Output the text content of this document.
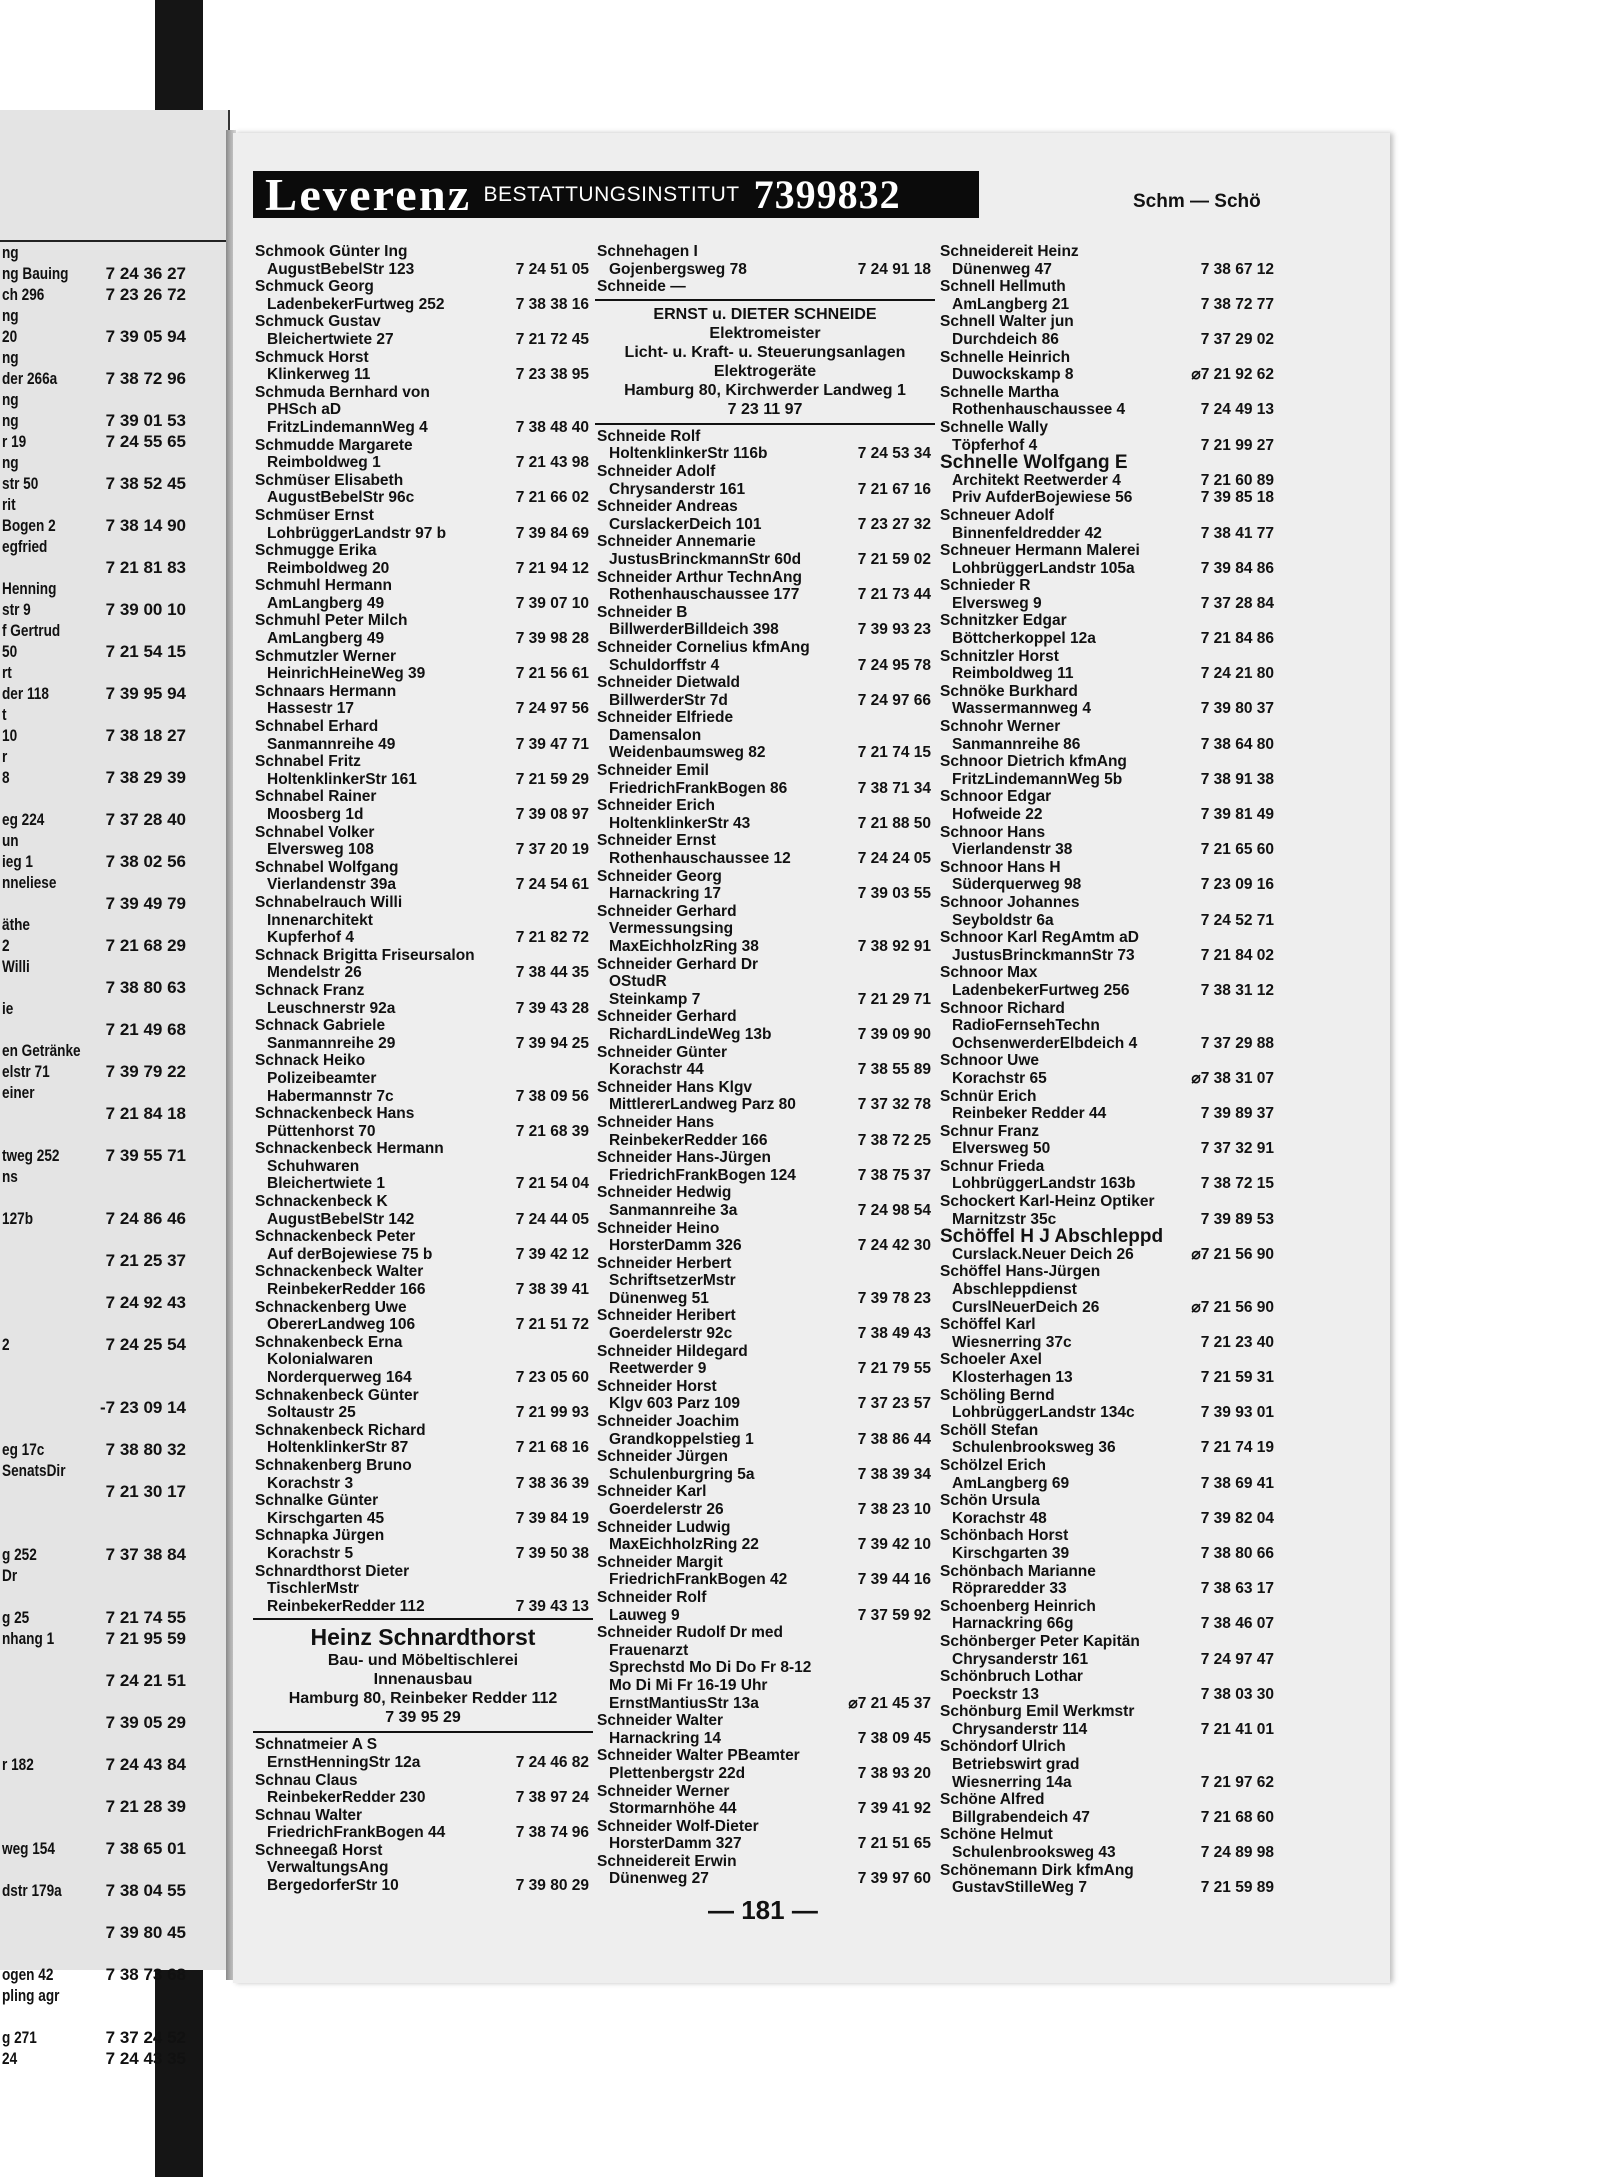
ng
ng Bauing 7 24 36 27
ch 296	7 23 26 72
ng
20	7 39 05 94
ng
der 266a	7 38 72 96
ng
ng	7 39 01 53
r 19	7 24 55 65
ng
str 50	7 38 52 45
rit
Bogen 2	7 38 14 90
egfried
7 21 81 83
Henning
str 9	7 39 00 10
f Gertrud
50	7 21 54 15
rt
der 118	7 39 95 94
t
10	7 38 18 27
r
8	7 38 29 39
eg 224	7 37 28 40
un
ieg 1	7 38 02 56
nneliese
7 39 49 79
äthe
2	7 21 68 29
Willi
7 38 80 63
ie
7 21 49 68
en Getränke
elstr 71	7 39 79 22
einer
7 21 84 18
tweg 252	7 39 55 71
ns
127b	7 24 86 46
7 21 25 37
7 24 92 43
2	7 24 25 54
-7 23 09 14
eg 17c	7 38 80 32
SenatsDir
7 21 30 17
g 252	7 37 38 84
Dr
g 25	7 21 74 55
nhang 1	7 21 95 59
7 24 21 51
7 39 05 29
r 182	7 24 43 84
7 21 28 39
weg 154	7 38 65 01
dstr 179a	7 38 04 55
7 39 80 45
ogen 42	7 38 73 68
pling agr
g 271	7 37 24 52
24	7 24 43 35
Leverenz BESTATTUNGSINSTITUT 7399832	Schm — Schö
Schmook Günter Ing
AugustBebelStr 123	7 24 51 05
Schmuck Georg
LadenbekerFurtweg 252	7 38 38 16
Schmuck Gustav
Bleichertwiete 27	7 21 72 45
Schmuck Horst
Klinkerweg 11	7 23 38 95
Schmuda Bernhard von
PHSch aD
FritzLindemannWeg 4	7 38 48 40
Schmudde Margarete
Reimboldweg 1	7 21 43 98
Schmüser Elisabeth
AugustBebelStr 96c	7 21 66 02
Schmüser Ernst
LohbrüggerLandstr 97 b	7 39 84 69
Schmugge Erika
Reimboldweg 20	7 21 94 12
Schmuhl Hermann
AmLangberg 49	7 39 07 10
Schmuhl Peter Milch
AmLangberg 49	7 39 98 28
Schmutzler Werner
HeinrichHeineWeg 39	7 21 56 61
Schnaars Hermann
Hassestr 17	7 24 97 56
Schnabel Erhard
Sanmannreihe 49	7 39 47 71
Schnabel Fritz
HoltenklinkerStr 161	7 21 59 29
Schnabel Rainer
Moosberg 1d	7 39 08 97
Schnabel Volker
Elversweg 108	7 37 20 19
Schnabel Wolfgang
Vierlandenstr 39a	7 24 54 61
Schnabelrauch Willi
Innenarchitekt
Kupferhof 4	7 21 82 72
Schnack Brigitta Friseursalon
Mendelstr 26	7 38 44 35
Schnack Franz
Leuschnerstr 92a	7 39 43 28
Schnack Gabriele
Sanmannreihe 29	7 39 94 25
Schnack Heiko
Polizeibeamter
Habermannstr 7c	7 38 09 56
Schnackenbeck Hans
Püttenhorst 70	7 21 68 39
Schnackenbeck Hermann
Schuhwaren
Bleichertwiete 1	7 21 54 04
Schnackenbeck K
AugustBebelStr 142	7 24 44 05
Schnackenbeck Peter
Auf derBojewiese 75 b	7 39 42 12
Schnackenbeck Walter
ReinbekerRedder 166	7 38 39 41
Schnackenberg Uwe
ObererLandweg 106	7 21 51 72
Schnakenbeck Erna
Kolonialwaren
Norderquerweg 164	7 23 05 60
Schnakenbeck Günter
Soltaustr 25	7 21 99 93
Schnakenbeck Richard
HoltenklinkerStr 87	7 21 68 16
Schnakenberg Bruno
Korachstr 3	7 38 36 39
Schnalke Günter
Kirschgarten 45	7 39 84 19
Schnapka Jürgen
Korachstr 5	7 39 50 38
Schnardthorst Dieter
TischlerMstr
ReinbekerRedder 112	7 39 43 13
Heinz Schnardthorst
Bau- und Möbeltischlerei
Innenausbau
Hamburg 80, Reinbeker Redder 112
7 39 95 29
Schnatmeier A S
ErnstHenningStr 12a	7 24 46 82
Schnau Claus
ReinbekerRedder 230	7 38 97 24
Schnau Walter
FriedrichFrankBogen 44	7 38 74 96
Schneegaß Horst
VerwaltungsAng
BergedorferStr 10	7 39 80 29
Schnehagen I
Gojenbergsweg 78	7 24 91 18
Schneide —
ERNST u. DIETER SCHNEIDE
Elektromeister
Licht- u. Kraft- u. Steuerungsanlagen
Elektrogeräte
Hamburg 80, Kirchwerder Landweg 1
7 23 11 97
Schneide Rolf
HoltenklinkerStr 116b	7 24 53 34
Schneider Adolf
Chrysanderstr 161	7 21 67 16
Schneider Andreas
CurslackerDeich 101	7 23 27 32
Schneider Annemarie
JustusBrinckmannStr 60d	7 21 59 02
Schneider Arthur TechnAng
Rothenhauschaussee 177	7 21 73 44
Schneider B
BillwerderBilldeich 398	7 39 93 23
Schneider Cornelius kfmAng
Schuldorffstr 4	7 24 95 78
Schneider Dietwald
BillwerderStr 7d	7 24 97 66
Schneider Elfriede
Damensalon
Weidenbaumsweg 82	7 21 74 15
Schneider Emil
FriedrichFrankBogen 86	7 38 71 34
Schneider Erich
HoltenklinkerStr 43	7 21 88 50
Schneider Ernst
Rothenhauschaussee 12	7 24 24 05
Schneider Georg
Harnackring 17	7 39 03 55
Schneider Gerhard
Vermessungsing
MaxEichholzRing 38	7 38 92 91
Schneider Gerhard Dr
OStudR
Steinkamp 7	7 21 29 71
Schneider Gerhard
RichardLindeWeg 13b	7 39 09 90
Schneider Günter
Korachstr 44	7 38 55 89
Schneider Hans Klgv
MittlererLandweg Parz 80	7 37 32 78
Schneider Hans
ReinbekerRedder 166	7 38 72 25
Schneider Hans-Jürgen
FriedrichFrankBogen 124	7 38 75 37
Schneider Hedwig
Sanmannreihe 3a	7 24 98 54
Schneider Heino
HorsterDamm 326	7 24 42 30
Schneider Herbert
SchriftsetzerMstr
Dünenweg 51	7 39 78 23
Schneider Heribert
Goerdelerstr 92c	7 38 49 43
Schneider Hildegard
Reetwerder 9	7 21 79 55
Schneider Horst
Klgv 603 Parz 109	7 37 23 57
Schneider Joachim
Grandkoppelstieg 1	7 38 86 44
Schneider Jürgen
Schulenburgring 5a	7 38 39 34
Schneider Karl
Goerdelerstr 26	7 38 23 10
Schneider Ludwig
MaxEichholzRing 22	7 39 42 10
Schneider Margit
FriedrichFrankBogen 42	7 39 44 16
Schneider Rolf
Lauweg 9	7 37 59 92
Schneider Rudolf Dr med
Frauenarzt
Sprechstd Mo Di Do Fr 8-12
Mo Di Mi Fr 16-19 Uhr
ErnstMantiusStr 13a	⌀7 21 45 37
Schneider Walter
Harnackring 14	7 38 09 45
Schneider Walter PBeamter
Plettenbergstr 22d	7 38 93 20
Schneider Werner
Stormarnhöhe 44	7 39 41 92
Schneider Wolf-Dieter
HorsterDamm 327	7 21 51 65
Schneidereit Erwin
Dünenweg 27	7 39 97 60
Schneidereit Heinz
Dünenweg 47	7 38 67 12
Schnell Hellmuth
AmLangberg 21	7 38 72 77
Schnell Walter jun
Durchdeich 86	7 37 29 02
Schnelle Heinrich
Duwockskamp 8	⌀7 21 92 62
Schnelle Martha
Rothenhauschaussee 4	7 24 49 13
Schnelle Wally
Töpferhof 4	7 21 99 27
Schnelle Wolfgang E
Architekt Reetwerder 4	7 21 60 89
Priv AufderBojewiese 56	7 39 85 18
Schneuer Adolf
Binnenfeldredder 42	7 38 41 77
Schneuer Hermann Malerei
LohbrüggerLandstr 105a	7 39 84 86
Schnieder R
Elversweg 9	7 37 28 84
Schnitzker Edgar
Böttcherkoppel 12a	7 21 84 86
Schnitzler Horst
Reimboldweg 11	7 24 21 80
Schnöke Burkhard
Wassermannweg 4	7 39 80 37
Schnohr Werner
Sanmannreihe 86	7 38 64 80
Schnoor Dietrich kfmAng
FritzLindemannWeg 5b	7 38 91 38
Schnoor Edgar
Hofweide 22	7 39 81 49
Schnoor Hans
Vierlandenstr 38	7 21 65 60
Schnoor Hans H
Süderquerweg 98	7 23 09 16
Schnoor Johannes
Seyboldstr 6a	7 24 52 71
Schnoor Karl RegAmtm aD
JustusBrinckmannStr 73	7 21 84 02
Schnoor Max
LadenbekerFurtweg 256	7 38 31 12
Schnoor Richard
RadioFernsehTechn
OchsenwerderElbdeich 4	7 37 29 88
Schnoor Uwe
Korachstr 65	⌀7 38 31 07
Schnür Erich
Reinbeker Redder 44	7 39 89 37
Schnur Franz
Elversweg 50	7 37 32 91
Schnur Frieda
LohbrüggerLandstr 163b	7 38 72 15
Schockert Karl-Heinz Optiker
Marnitzstr 35c	7 39 89 53
Schöffel H J Abschleppd
Curslack.Neuer Deich 26	⌀7 21 56 90
Schöffel Hans-Jürgen
Abschleppdienst
CurslNeuerDeich 26	⌀7 21 56 90
Schöffel Karl
Wiesnerring 37c	7 21 23 40
Schoeler Axel
Klosterhagen 13	7 21 59 31
Schöling Bernd
LohbrüggerLandstr 134c	7 39 93 01
Schöll Stefan
Schulenbrooksweg 36	7 21 74 19
Schölzel Erich
AmLangberg 69	7 38 69 41
Schön Ursula
Korachstr 48	7 39 82 04
Schönbach Horst
Kirschgarten 39	7 38 80 66
Schönbach Marianne
Röpraredder 33	7 38 63 17
Schoenberg Heinrich
Harnackring 66g	7 38 46 07
Schönberger Peter Kapitän
Chrysanderstr 161	7 24 97 47
Schönbruch Lothar
Poeckstr 13	7 38 03 30
Schönburg Emil Werkmstr
Chrysanderstr 114	7 21 41 01
Schöndorf Ulrich
Betriebswirt grad
Wiesnerring 14a	7 21 97 62
Schöne Alfred
Billgrabendeich 47	7 21 68 60
Schöne Helmut
Schulenbrooksweg 43	7 24 89 98
Schönemann Dirk kfmAng
GustavStilleWeg 7	7 21 59 89
— 181 —
